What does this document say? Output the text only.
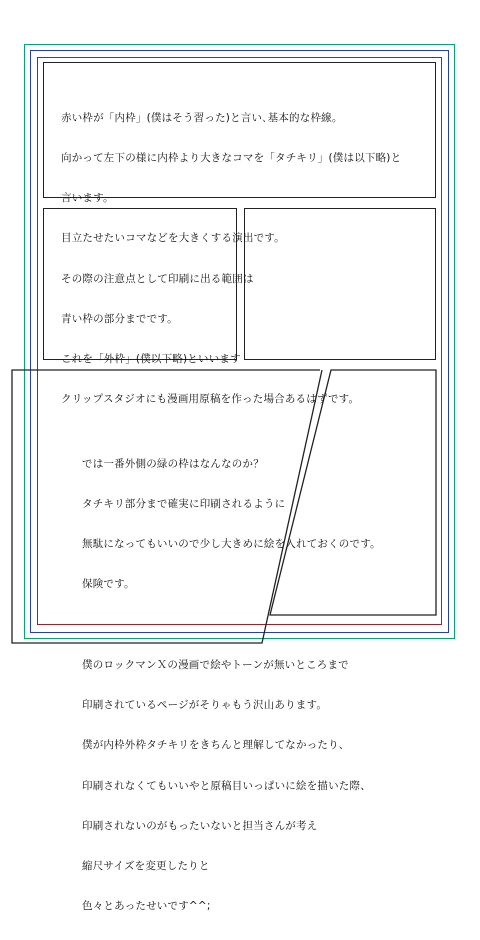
赤い枠が「内枠」(僕はそう習った)と言い､基本的な枠線。

向かって左下の様に内枠より大きなコマを「タチキリ」(僕は以下略)と

言います。

目立たせたいコマなどを大きくする演出です。

その際の注意点として印刷に出る範囲は

青い枠の部分までです。

これを「外枠」(僕以下略)といいます

クリップスタジオにも漫画用原稿を作った場合あるはずです。

では一番外側の緑の枠はなんなのか？

タチキリ部分まで確実に印刷されるように

無駄になってもいいので少し大きめに絵を入れておくのです。

保険です。

僕のロックマンＸの漫画で絵やトーンが無いところまで

印刷されているページがそりゃもう沢山あります。

僕が内枠外枠タチキリをきちんと理解してなかったり、

印刷されなくてもいいやと原稿目いっぱいに絵を描いた際、

印刷されないのがもったいないと担当さんが考え

縮尺サイズを変更したりと

色々とあったせいです^^;
